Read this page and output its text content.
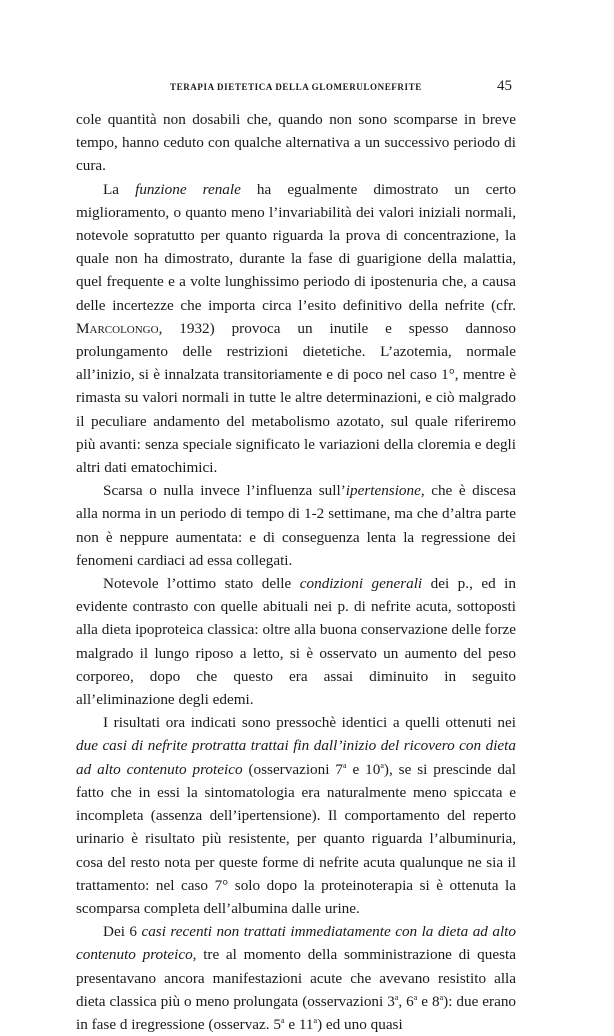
TERAPIA DIETETICA DELLA GLOMERULONEFRITE	45

cole quantità non dosabili che, quando non sono scomparse in breve tempo, hanno ceduto con qualche alternativa a un successivo periodo di cura.

La funzione renale ha egualmente dimostrato un certo miglioramento, o quanto meno l’invariabilità dei valori iniziali normali, notevole sopratutto per quanto riguarda la prova di concentrazione, la quale non ha dimostrato, durante la fase di guarigione della malattia, quel frequente e a volte lunghissimo periodo di ipostenuria che, a causa delle incertezze che importa circa l’esito definitivo della nefrite (cfr. Marcolongo, 1932) provoca un inutile e spesso dannoso prolungamento delle restrizioni dietetiche. L’azotemia, normale all’inizio, si è innalzata transitoriamente e di poco nel caso 1°, mentre è rimasta su valori normali in tutte le altre determinazioni, e ciò malgrado il peculiare andamento del metabolismo azotato, sul quale riferiremo più avanti: senza speciale significato le variazioni della cloremia e degli altri dati ematochimici.

Scarsa o nulla invece l’influenza sull’ipertensione, che è discesa alla norma in un periodo di tempo di 1-2 settimane, ma che d’altra parte non è neppure aumentata: e di conseguenza lenta la regressione dei fenomeni cardiaci ad essa collegati.

Notevole l’ottimo stato delle condizioni generali dei p., ed in evidente contrasto con quelle abituali nei p. di nefrite acuta, sottoposti alla dieta ipoproteica classica: oltre alla buona conservazione delle forze malgrado il lungo riposo a letto, si è osservato un aumento del peso corporeo, dopo che questo era assai diminuito in seguito all’eliminazione degli edemi.

I risultati ora indicati sono pressochè identici a quelli ottenuti nei due casi di nefrite protratta trattai fin dall’inizio del ricovero con dieta ad alto contenuto proteico (osservazioni 7$^a$ e 10$^a$), se si prescinde dal fatto che in essi la sintomatologia era naturalmente meno spiccata e incompleta (assenza dell’ipertensione). Il comportamento del reperto urinario è risultato più resistente, per quanto riguarda l’albuminuria, cosa del resto nota per queste forme di nefrite acuta qualunque ne sia il trattamento: nel caso 7° solo dopo la proteinoterapia si è ottenuta la scomparsa completa dell’albumina dalle urine.

Dei 6 casi recenti non trattati immediatamente con la dieta ad alto contenuto proteico, tre al momento della somministrazione di questa presentavano ancora manifestazioni acute che avevano resistito alla dieta classica più o meno prolungata (osservazioni 3$^a$, 6$^a$ e 8$^a$): due erano in fase d iregressione (osservaz. 5$^a$ e 11$^a$) ed uno quasi
